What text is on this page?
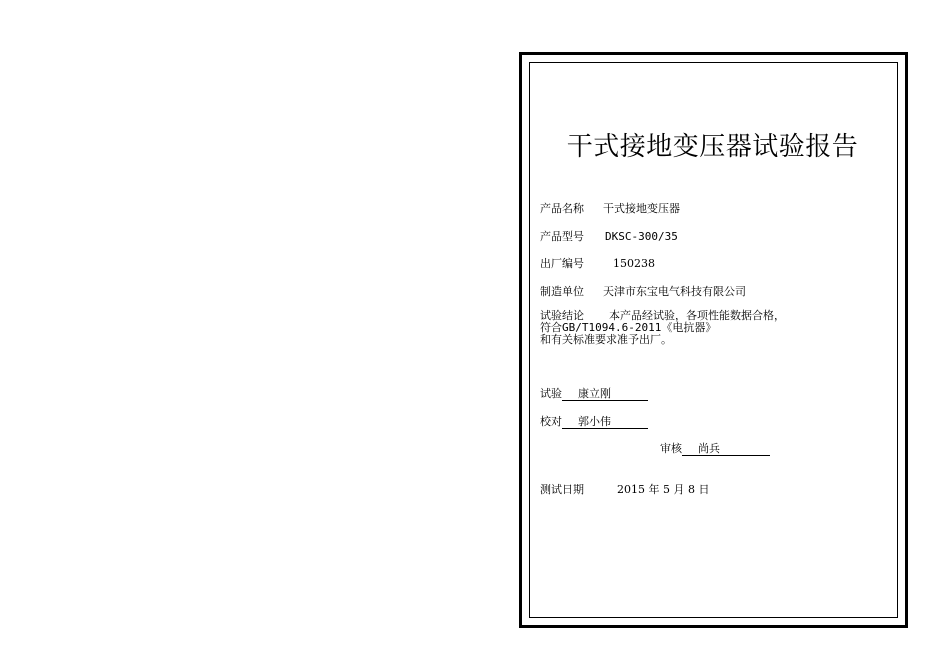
干式接地变压器试验报告
产品名称 干式接地变压器
产品型号 DKSC-300/35
出厂编号	150238
制造单位 天津市东宝电气科技有限公司
试验结论 本产品经试验，各项性能数据合格，
符合GB/T1094.6-2011《电抗器》
和有关标准要求准予出厂。
试验 康立刚
校对 郭小伟
审核 尚兵
测试日期	2015 年 5 月 8 日
